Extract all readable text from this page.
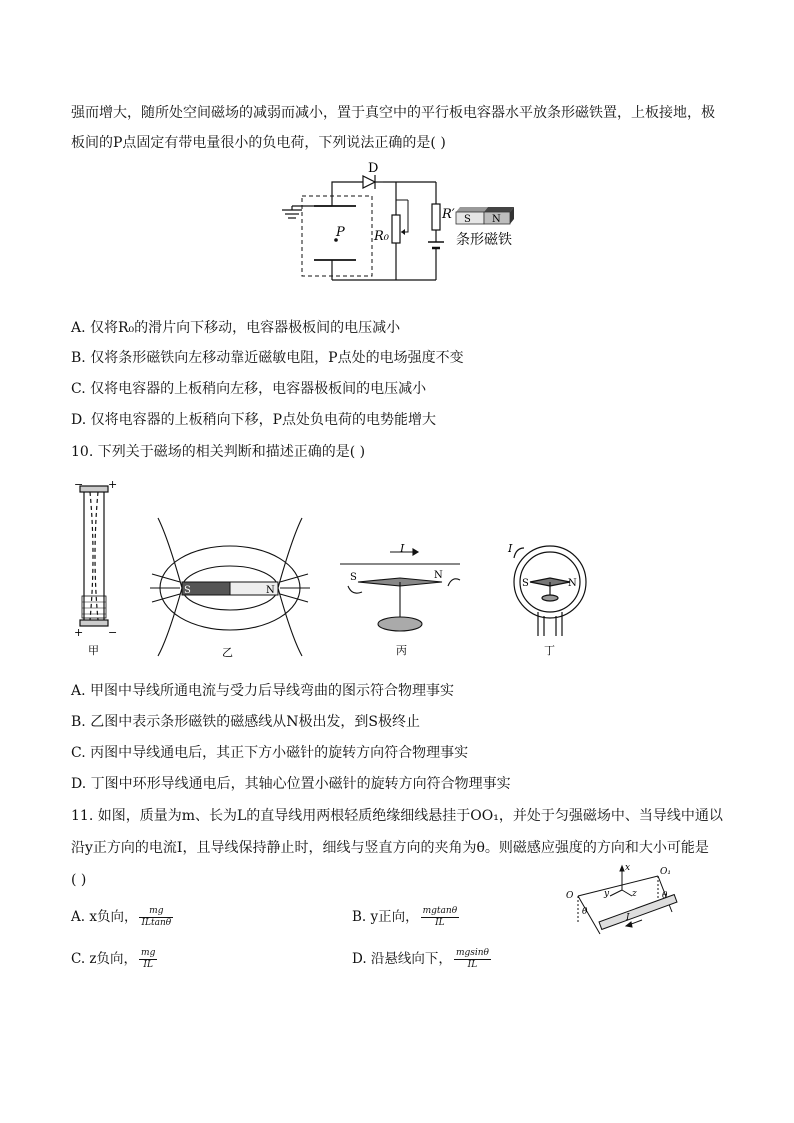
强而增大，随所处空间磁场的减弱而减小，置于真空中的平行板电容器水平放条形磁铁置，上板接地，极
板间的P点固定有带电量很小的负电荷，下列说法正确的是( )
D
P R₀
R′ S N
条形磁铁
A. 仅将R₀的滑片向下移动，电容器极板间的电压减小
B. 仅将条形磁铁向左移动靠近磁敏电阻，P点处的电场强度不变
C. 仅将电容器的上板稍向左移，电容器极板间的电压减小
D. 仅将电容器的上板稍向下移，P点处负电荷的电势能增大
10. 下列关于磁场的相关判断和描述正确的是( )
− +
+ −
甲
S	N
乙
I
S	N
丙
I
S	N
丁
A. 甲图中导线所通电流与受力后导线弯曲的图示符合物理事实
B. 乙图中表示条形磁铁的磁感线从N极出发，到S极终止
C. 丙图中导线通电后，其正下方小磁针的旋转方向符合物理事实
D. 丁图中环形导线通电后，其轴心位置小磁针的旋转方向符合物理事实
11. 如图，质量为m、长为L的直导线用两根轻质绝缘细线悬挂于OO₁，并处于匀强磁场中、当导线中通以
沿y正方向的电流I，且导线保持静止时，细线与竖直方向的夹角为θ。则磁感应强度的方向和大小可能是
( )
O
O₁
x
y	z
θ
θ
I
A. x负向， $\frac{mg}{ILtan\theta}$	B. y正向， $\frac{mgtan\theta}{IL}$
C. z负向， $\frac{mg}{IL}$	D. 沿悬线向下， $\frac{mgsin\theta}{IL}$
